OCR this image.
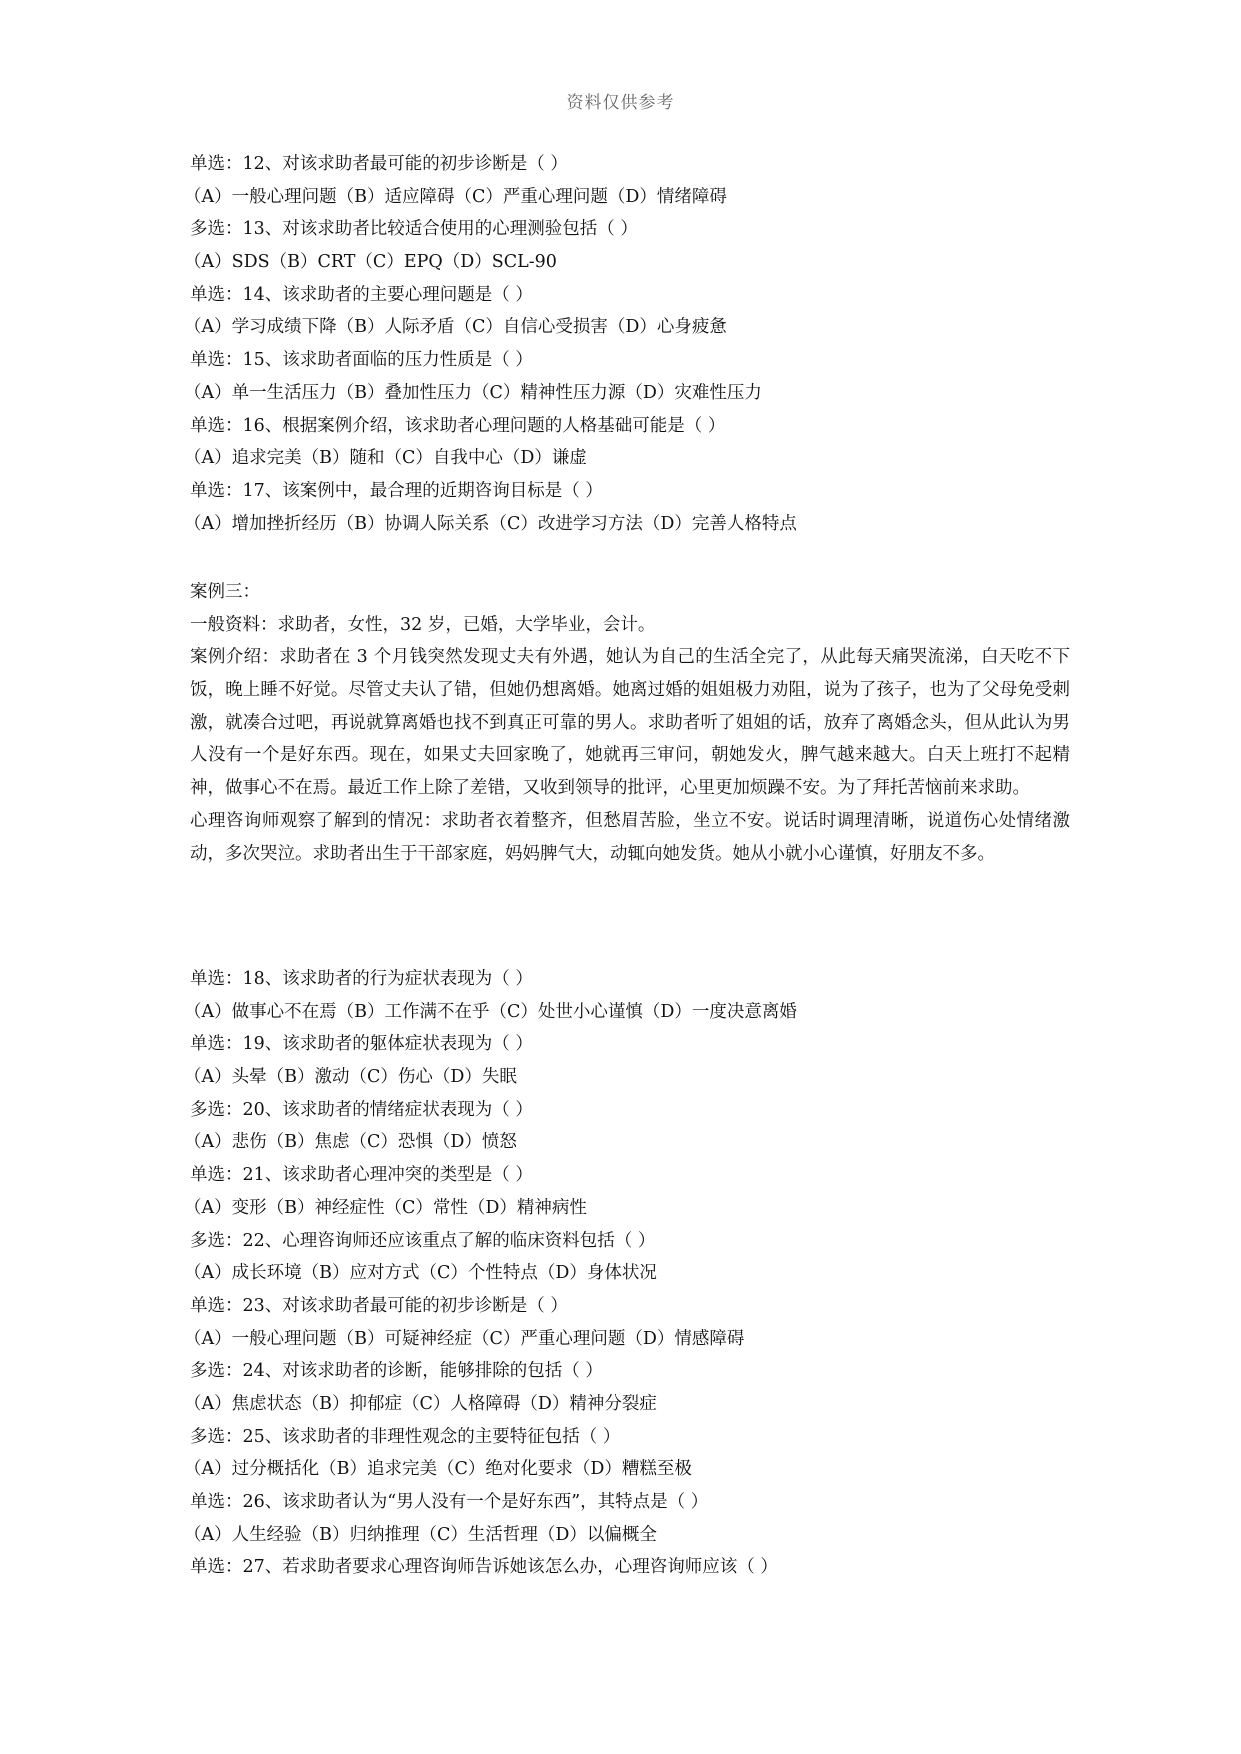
资料仅供参考
单选：12、对该求助者最可能的初步诊断是（ ）
（A）一般心理问题（B）适应障碍（C）严重心理问题（D）情绪障碍
多选：13、对该求助者比较适合使用的心理测验包括（ ）
（A）SDS（B）CRT（C）EPQ（D）SCL-90
单选：14、该求助者的主要心理问题是（ ）
（A）学习成绩下降（B）人际矛盾（C）自信心受损害（D）心身疲惫
单选：15、该求助者面临的压力性质是（ ）
（A）单一生活压力（B）叠加性压力（C）精神性压力源（D）灾难性压力
单选：16、根据案例介绍，该求助者心理问题的人格基础可能是（ ）
（A）追求完美（B）随和（C）自我中心（D）谦虚
单选：17、该案例中，最合理的近期咨询目标是（ ）
（A）增加挫折经历（B）协调人际关系（C）改进学习方法（D）完善人格特点
案例三：
一般资料：求助者，女性，32 岁，已婚，大学毕业，会计。
案例介绍：求助者在 3 个月钱突然发现丈夫有外遇，她认为自己的生活全完了，从此每天痛哭流涕，白天吃不下饭，晚上睡不好觉。尽管丈夫认了错，但她仍想离婚。她离过婚的姐姐极力劝阻，说为了孩子，也为了父母免受刺激，就凑合过吧，再说就算离婚也找不到真正可靠的男人。求助者听了姐姐的话，放弃了离婚念头，但从此认为男人没有一个是好东西。现在，如果丈夫回家晚了，她就再三审问，朝她发火，脾气越来越大。白天上班打不起精神，做事心不在焉。最近工作上除了差错，又收到领导的批评，心里更加烦躁不安。为了拜托苦恼前来求助。
心理咨询师观察了解到的情况：求助者衣着整齐，但愁眉苦脸，坐立不安。说话时调理清晰，说道伤心处情绪激动，多次哭泣。求助者出生于干部家庭，妈妈脾气大，动辄向她发货。她从小就小心谨慎，好朋友不多。
单选：18、该求助者的行为症状表现为（ ）
（A）做事心不在焉（B）工作满不在乎（C）处世小心谨慎（D）一度决意离婚
单选：19、该求助者的躯体症状表现为（ ）
（A）头晕（B）激动（C）伤心（D）失眠
多选：20、该求助者的情绪症状表现为（ ）
（A）悲伤（B）焦虑（C）恐惧（D）愤怒
单选：21、该求助者心理冲突的类型是（ ）
（A）变形（B）神经症性（C）常性（D）精神病性
多选：22、心理咨询师还应该重点了解的临床资料包括（ ）
（A）成长环境（B）应对方式（C）个性特点（D）身体状况
单选：23、对该求助者最可能的初步诊断是（ ）
（A）一般心理问题（B）可疑神经症（C）严重心理问题（D）情感障碍
多选：24、对该求助者的诊断，能够排除的包括（ ）
（A）焦虑状态（B）抑郁症（C）人格障碍（D）精神分裂症
多选：25、该求助者的非理性观念的主要特征包括（ ）
（A）过分概括化（B）追求完美（C）绝对化要求（D）糟糕至极
单选：26、该求助者认为“男人没有一个是好东西”，其特点是（ ）
（A）人生经验（B）归纳推理（C）生活哲理（D）以偏概全
单选：27、若求助者要求心理咨询师告诉她该怎么办，心理咨询师应该（ ）
